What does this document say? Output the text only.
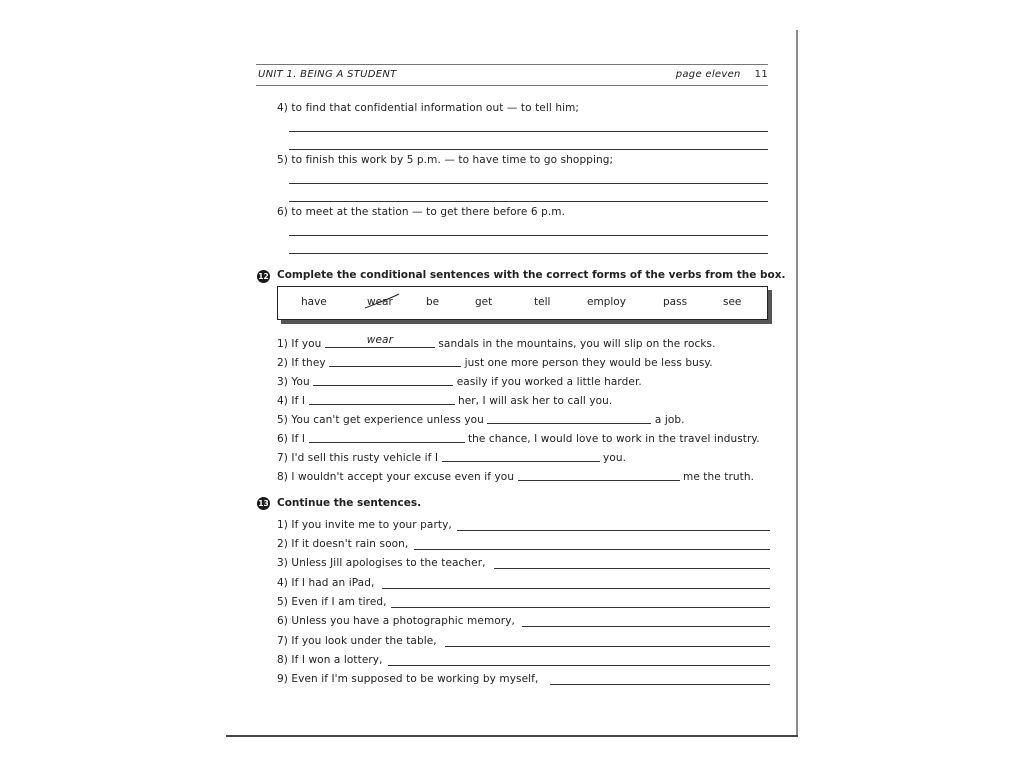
UNIT 1. BEING A STUDENT	page eleven 11
4) to find that confidential information out — to tell him;
5) to finish this work by 5 p.m. — to have time to go shopping;
6) to meet at the station — to get there before 6 p.m.
12 Complete the conditional sentences with the correct forms of the verbs from the box.
have	wear	be	get	tell	employ	pass	see
1) If you	wear	sandals in the mountains, you will slip on the rocks.
2) If they	just one more person they would be less busy.
3) You	easily if you worked a little harder.
4) If I	her, I will ask her to call you.
5) You can't get experience unless you	a job.
6) If I	the chance, I would love to work in the travel industry.
7) I'd sell this rusty vehicle if I	you.
8) I wouldn't accept your excuse even if you	me the truth.
13 Continue the sentences.
1) If you invite me to your party,
2) If it doesn't rain soon,
3) Unless Jill apologises to the teacher,
4) If I had an iPad,
5) Even if I am tired,
6) Unless you have a photographic memory,
7) If you look under the table,
8) If I won a lottery,
9) Even if I'm supposed to be working by myself,
